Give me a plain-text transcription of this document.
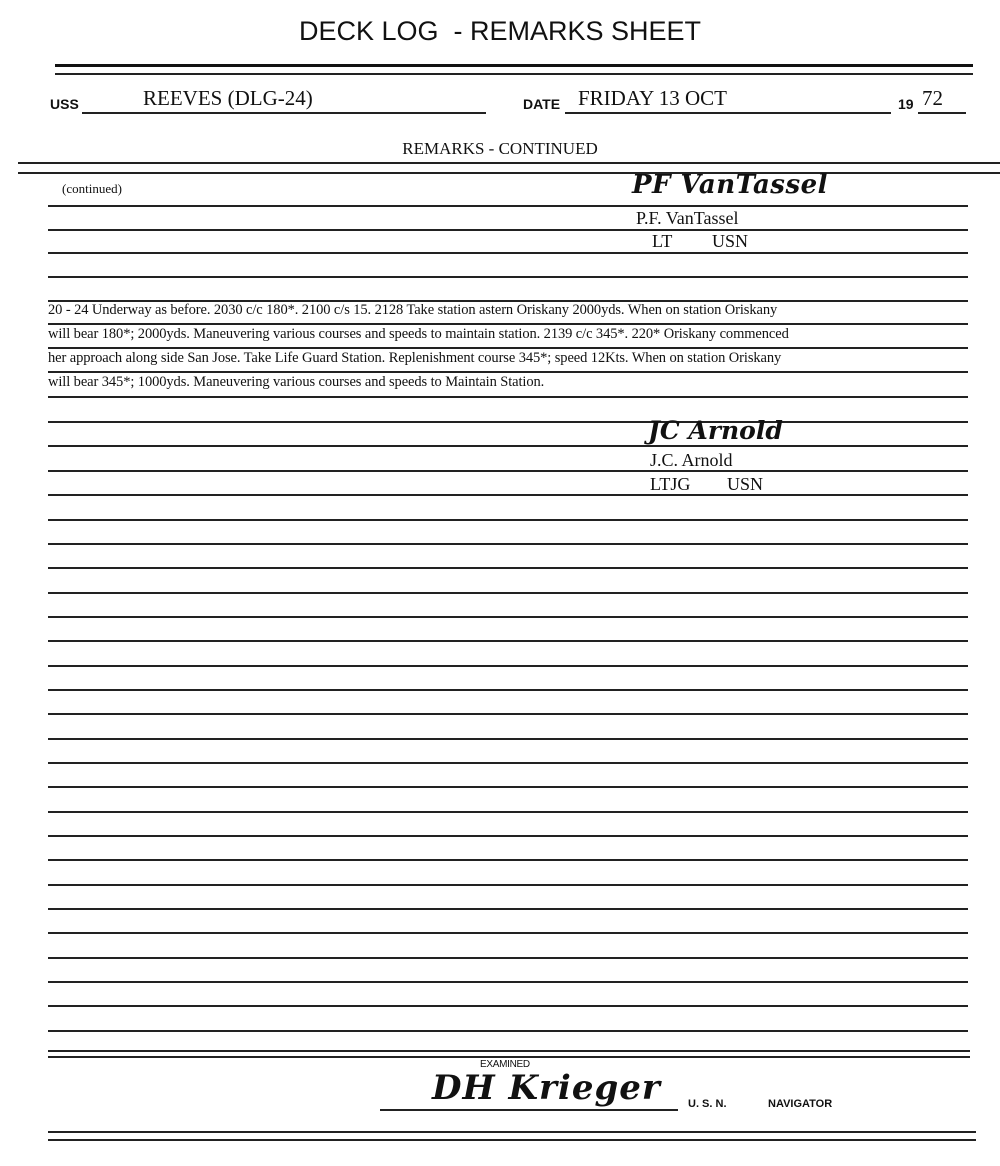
DECK LOG  - REMARKS SHEET
USS	REEVES (DLG-24)	DATE FRIDAY 13 OCT	19 72
REMARKS - CONTINUED
(continued)	PF VanTassel
P.F. VanTassel
LT USN
20 - 24 Underway as before. 2030 c/c 180*. 2100 c/s 15. 2128 Take station astern Oriskany 2000yds. When on station Oriskany
will bear 180*; 2000yds. Maneuvering various courses and speeds to maintain station. 2139 c/c 345*. 220* Oriskany commenced
her approach along side San Jose. Take Life Guard Station. Replenishment course 345*; speed 12Kts. When on station Oriskany
will bear 345*; 1000yds. Maneuvering various courses and speeds to Maintain Station.
JC Arnold
J.C. Arnold
LTJG USN
EXAMINED
DH Krieger U. S. N.	NAVIGATOR
